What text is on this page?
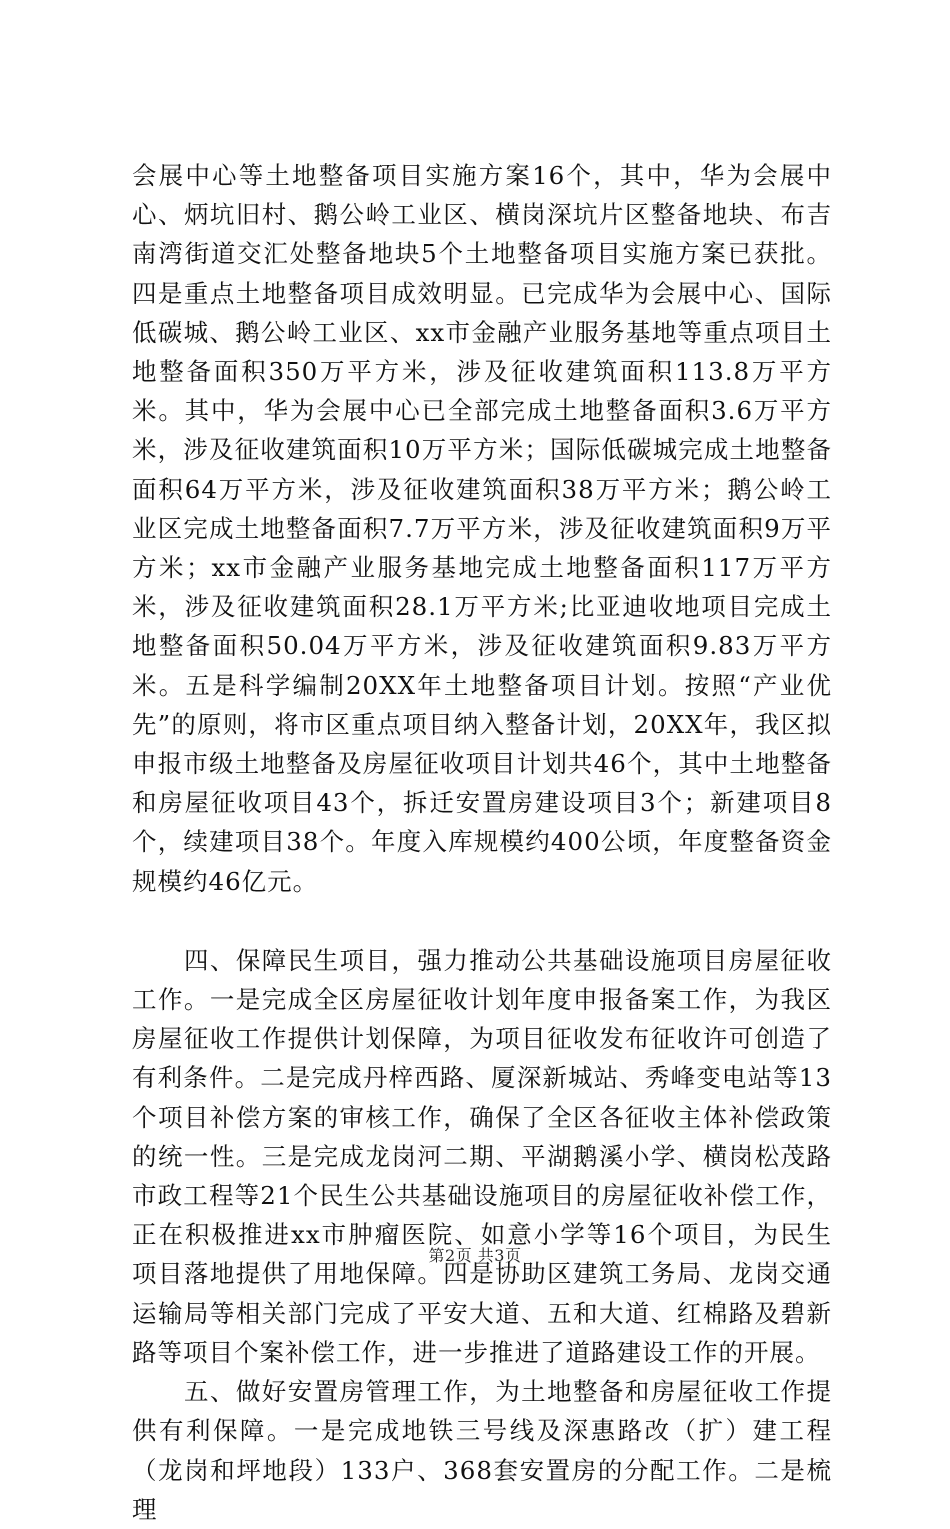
会展中心等土地整备项目实施方案16个，其中，华为会展中心、炳坑旧村、鹅公岭工业区、横岗深坑片区整备地块、布吉南湾街道交汇处整备地块5个土地整备项目实施方案已获批。四是重点土地整备项目成效明显。已完成华为会展中心、国际低碳城、鹅公岭工业区、xx市金融产业服务基地等重点项目土地整备面积350万平方米，涉及征收建筑面积113.8万平方米。其中，华为会展中心已全部完成土地整备面积3.6万平方米，涉及征收建筑面积10万平方米；国际低碳城完成土地整备面积64万平方米，涉及征收建筑面积38万平方米；鹅公岭工业区完成土地整备面积7.7万平方米，涉及征收建筑面积9万平方米；xx市金融产业服务基地完成土地整备面积117万平方米，涉及征收建筑面积28.1万平方米;比亚迪收地项目完成土地整备面积50.04万平方米，涉及征收建筑面积9.83万平方米。五是科学编制20XX年土地整备项目计划。按照“产业优先”的原则，将市区重点项目纳入整备计划，20XX年，我区拟申报市级土地整备及房屋征收项目计划共46个，其中土地整备和房屋征收项目43个，拆迁安置房建设项目3个；新建项目8个，续建项目38个。年度入库规模约400公顷，年度整备资金规模约46亿元。

四、保障民生项目，强力推动公共基础设施项目房屋征收工作。一是完成全区房屋征收计划年度申报备案工作，为我区房屋征收工作提供计划保障，为项目征收发布征收许可创造了有利条件。二是完成丹梓西路、厦深新城站、秀峰变电站等13个项目补偿方案的审核工作，确保了全区各征收主体补偿政策的统一性。三是完成龙岗河二期、平湖鹅溪小学、横岗松茂路市政工程等21个民生公共基础设施项目的房屋征收补偿工作，正在积极推进xx市肿瘤医院、如意小学等16个项目，为民生项目落地提供了用地保障。四是协助区建筑工务局、龙岗交通运输局等相关部门完成了平安大道、五和大道、红棉路及碧新路等项目个案补偿工作，进一步推进了道路建设工作的开展。

五、做好安置房管理工作，为土地整备和房屋征收工作提供有利保障。一是完成地铁三号线及深惠路改（扩）建工程（龙岗和坪地段）133户、368套安置房的分配工作。二是梳理

第2页 共3页
